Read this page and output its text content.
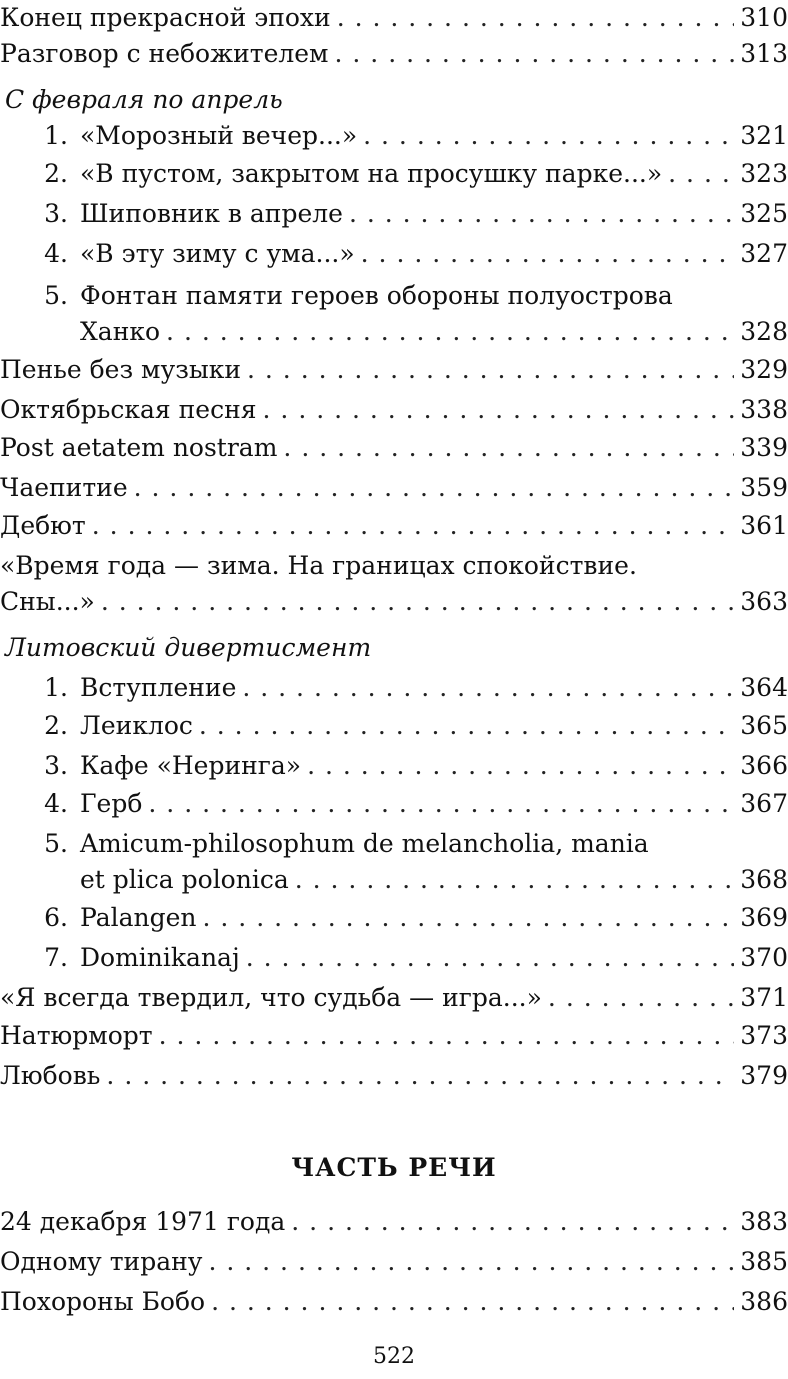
Конец прекрасной эпохи . . .	310
Разговор с небожителем . . .	313
С февраля по апрель
1. «Морозный вечер...» . . .	321
2. «В пустом, закрытом на просушку парке...» . . .	323
3. Шиповник в апреле . . .	325
4. «В эту зиму с ума...» . . .	327
5. Фонтан памяти героев обороны полуострова
Ханко . . .	328
Пенье без музыки . . .	329
Октябрьская песня . . .	338
Post aetatem nostram . . .	339
Чаепитие . . .	359
Дебют . . .	361
«Время года — зима. На границах спокойствие.
Сны...» . . .	363
Литовский дивертисмент
1. Вступление . . .	364
2. Леиклос . . .	365
3. Кафе «Неринга» . . .	366
4. Герб . . .	367
5. Amicum-philosophum de melancholia, mania
et plica polonica . . .	368
6. Palangen . . .	369
7. Dominikanaj . . .	370
«Я всегда твердил, что судьба — игра...» . . .	371
Натюрморт . . .	373
Любовь . . .	379
ЧАСТЬ РЕЧИ
24 декабря 1971 года . . .	383
Одному тирану . . .	385
Похороны Бобо . . .	386
522
